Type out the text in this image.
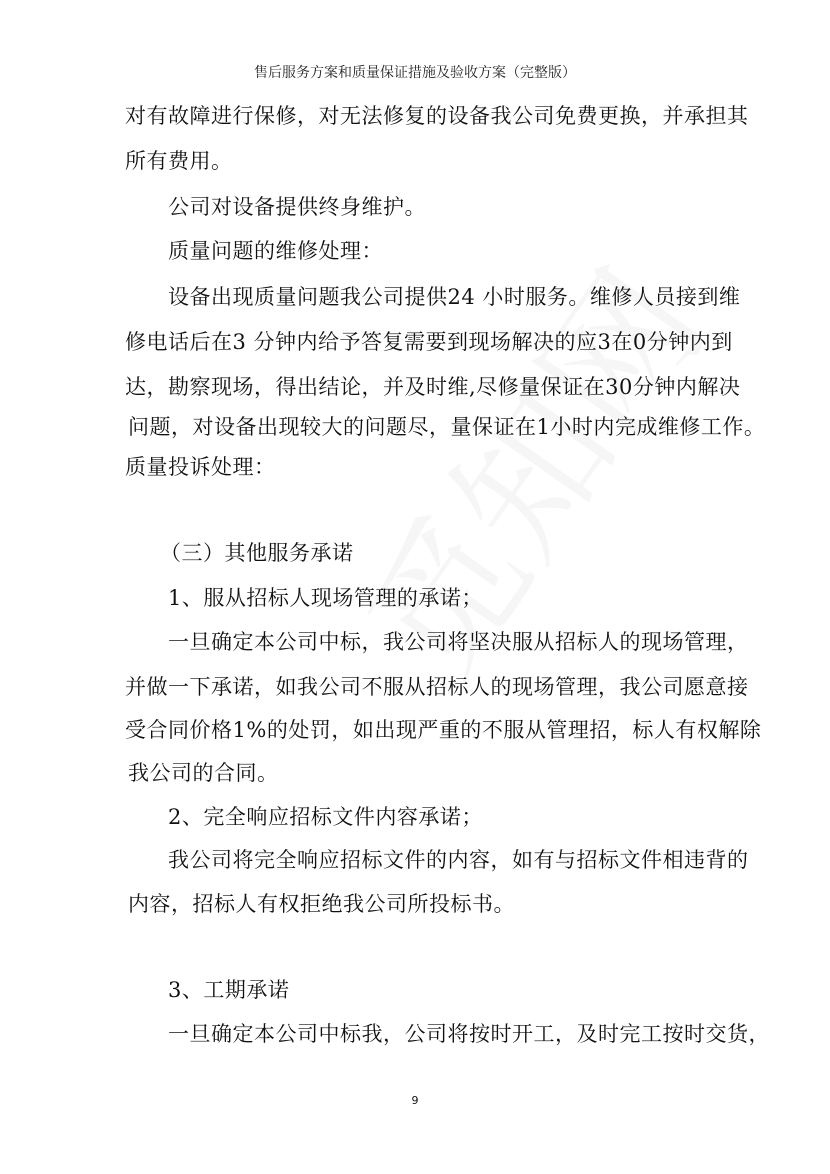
售后服务方案和质量保证措施及验收方案（完整版）
对有故障进行保修，对无法修复的设备我公司免费更换，并承担其
所有费用。
公司对设备提供终身维护。
质量问题的维修处理：
设备出现质量问题我公司提供24 小时服务。维修人员接到维
修电话后在3 分钟内给予答复需要到现场解决的应3在0分钟内到
达，勘察现场，得出结论，并及时维,尽修量保证在30分钟内解决
问题，对设备出现较大的问题尽，量保证在1小时内完成维修工作。
质量投诉处理：
（三）其他服务承诺
1、服从招标人现场管理的承诺；
一旦确定本公司中标，我公司将坚决服从招标人的现场管理，
并做一下承诺，如我公司不服从招标人的现场管理，我公司愿意接
受合同价格1%的处罚，如出现严重的不服从管理招，标人有权解除
我公司的合同。
2、完全响应招标文件内容承诺；
我公司将完全响应招标文件的内容，如有与招标文件相违背的
内容，招标人有权拒绝我公司所投标书。
3、工期承诺
一旦确定本公司中标我，公司将按时开工，及时完工按时交货，
9
